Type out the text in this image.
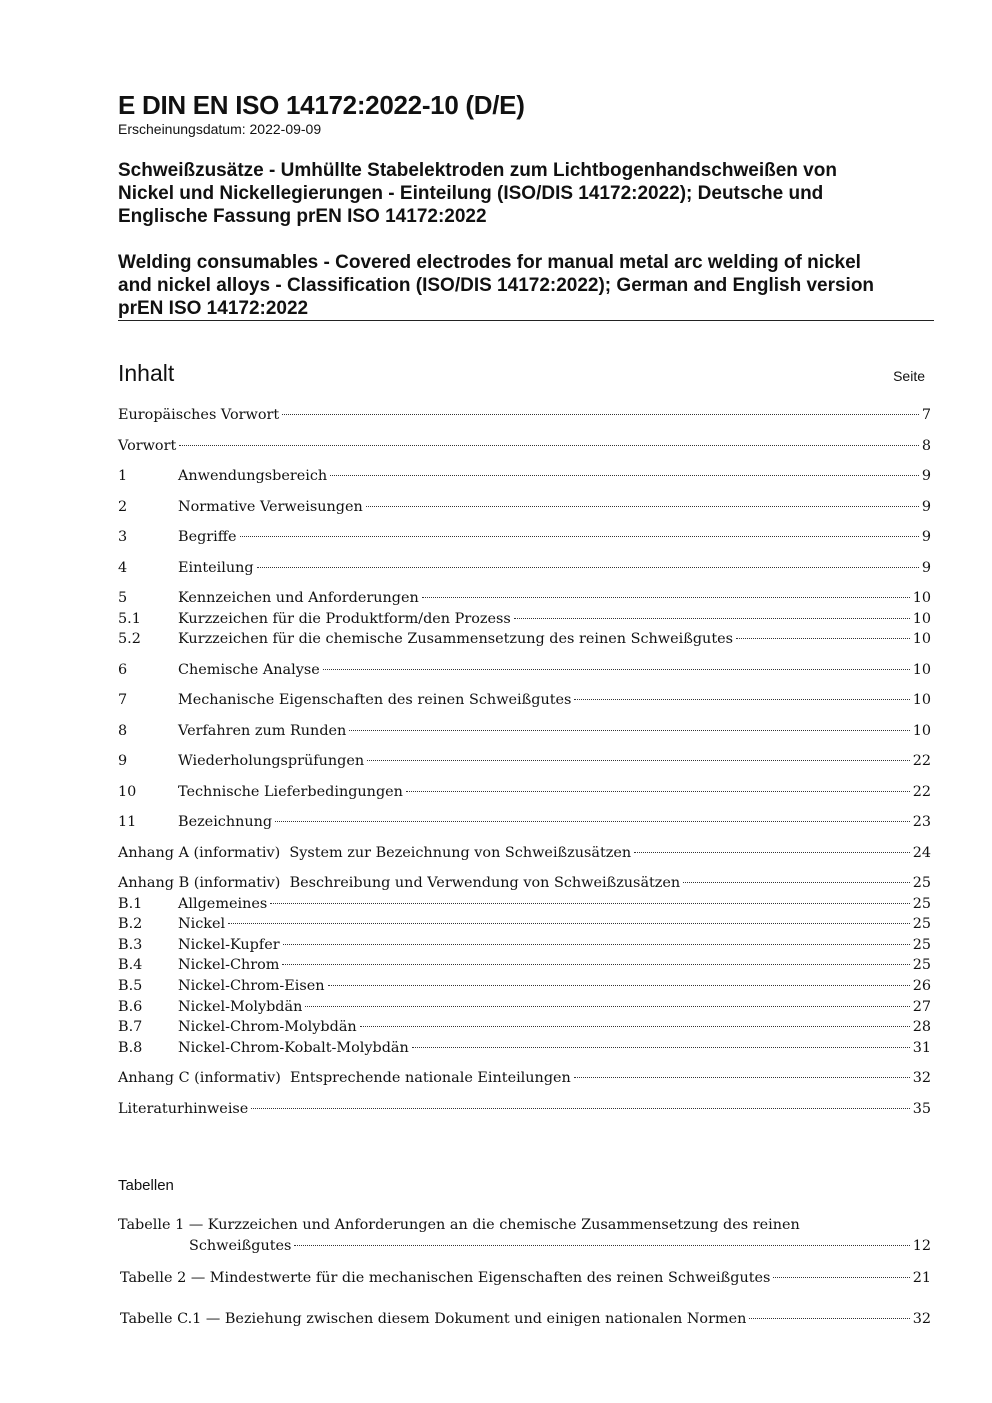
E DIN EN ISO 14172:2022-10 (D/E)
Erscheinungsdatum: 2022-09-09
Schweißzusätze - Umhüllte Stabelektroden zum Lichtbogenhandschweißen von
Nickel und Nickellegierungen - Einteilung (ISO/DIS 14172:2022); Deutsche und
Englische Fassung prEN ISO 14172:2022
Welding consumables - Covered electrodes for manual metal arc welding of nickel
and nickel alloys - Classification (ISO/DIS 14172:2022); German and English version
prEN ISO 14172:2022
Inhalt	Seite
Europäisches Vorwort	7
Vorwort	8
1	Anwendungsbereich	9
2	Normative Verweisungen	9
3	Begriffe	9
4	Einteilung	9
5	Kennzeichen und Anforderungen	10
5.1	Kurzzeichen für die Produktform/den Prozess	10
5.2	Kurzzeichen für die chemische Zusammensetzung des reinen Schweißgutes	10
6	Chemische Analyse	10
7	Mechanische Eigenschaften des reinen Schweißgutes	10
8	Verfahren zum Runden	10
9	Wiederholungsprüfungen	22
10	Technische Lieferbedingungen	22
11	Bezeichnung	23
Anhang A (informativ)  System zur Bezeichnung von Schweißzusätzen	24
Anhang B (informativ)  Beschreibung und Verwendung von Schweißzusätzen	25
B.1	Allgemeines	25
B.2	Nickel	25
B.3	Nickel-Kupfer	25
B.4	Nickel-Chrom	25
B.5	Nickel-Chrom-Eisen	26
B.6	Nickel-Molybdän	27
B.7	Nickel-Chrom-Molybdän	28
B.8	Nickel-Chrom-Kobalt-Molybdän	31
Anhang C (informativ)  Entsprechende nationale Einteilungen	32
Literaturhinweise	35
Tabellen
Tabelle 1 — Kurzzeichen und Anforderungen an die chemische Zusammensetzung des reinen
Schweißgutes	12
Tabelle 2 — Mindestwerte für die mechanischen Eigenschaften des reinen Schweißgutes	21
Tabelle C.1 — Beziehung zwischen diesem Dokument und einigen nationalen Normen	32
